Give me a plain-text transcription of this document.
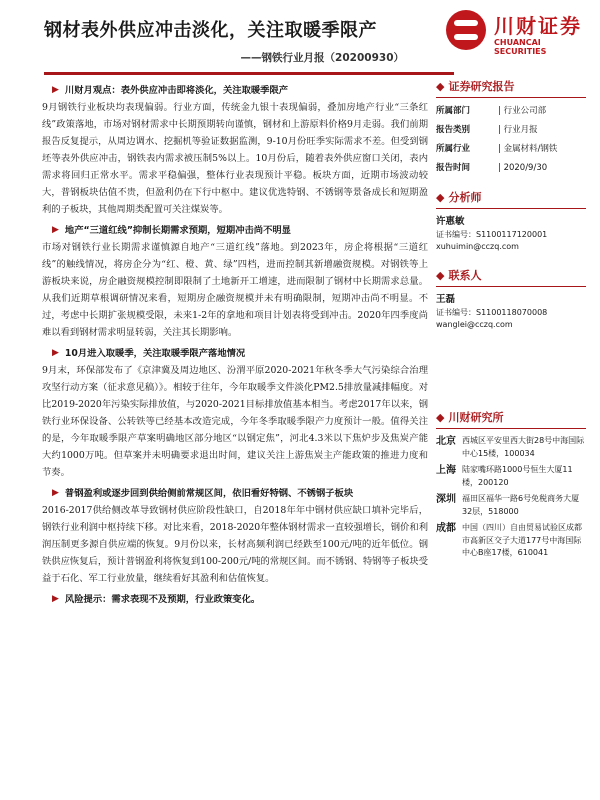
钢材表外供应冲击淡化，关注取暖季限产
——钢铁行业月报（20200930）
川财证券
CHUANCAI SECURITIES
▶ 川财月观点：表外供应冲击即将淡化，关注取暖季限产

9月钢铁行业板块均表现偏弱。行业方面，传统金九银十表现偏弱，叠加房地产行业“三条红线”政策落地，市场对钢材需求中长期预期转向谨慎，钢材和上游原料价格9月走弱。我们前期报告反复提示，从周边调水、挖掘机等验证数据监测，9-10月份旺季实际需求不差。但受到钢坯等表外供应冲击，钢铁表内需求被压制5%以上。10月份后，随着表外供应窗口关闭，表内需求将回归正常水平。需求平稳偏强，整体行业表现预计平稳。板块方面，近期市场波动较大，普钢板块估值不贵，但盈利仍在下行中枢中。建议优选特钢、不锈钢等景备成长和短期盈利的子板块，其他周期类配置可关注煤炭等。

▶ 地产“三道红线”抑制长期需求预期，短期冲击尚不明显

市场对钢铁行业长期需求谨慎源自地产“三道红线”落地。到2023年，房企将根据“三道红线”的触线情况，将房企分为“红、橙、黄、绿”四档，进而控制其新增融资规模。对钢铁等上游板块来说，房企融资规模控制即限制了土地新开工增速，进而限制了钢材中长期需求总量。从我们近期草根调研情况来看，短期房企融资规模并未有明确限制，短期冲击尚不明显。不过，考虑中长期扩张规模受限，未来1-2年的拿地和项目计划表将受到冲击。2020年四季度尚难以看到钢材需求明显转弱，关注其长期影响。

▶ 10月进入取暖季，关注取暖季限产落地情况

9月末，环保部发布了《京津冀及周边地区、汾渭平原2020-2021年秋冬季大气污染综合治理攻坚行动方案（征求意见稿）》。相较于往年，今年取暖季文件淡化PM2.5排放量减排幅度。对比2019-2020年污染实际排放值，与2020-2021目标排放值基本相当。考虑2017年以来，钢铁行业环保设备、公转铁等已经基本改造完成，今年冬季取暖季限产力度预计一般。值得关注的是，今年取暖季限产草案明确地区部分地区“以钢定焦”，河北4.3米以下焦炉步及焦炭产能大约1000万吨。但草案并未明确要求退出时间，建议关注上游焦炭主产能政策的推进力度和节奏。

▶ 普钢盈利或逐步回到供给侧前常规区间，依旧看好特钢、不锈钢子板块

2016-2017供给侧改革导致钢材供应阶段性缺口，自2018年年中钢材供应缺口填补完毕后，钢铁行业利润中枢持续下移。对比来看，2018-2020年整体钢材需求一直较强增长，钢价和利润压制更多源自供应端的恢复。9月份以来，长材高频利润已经跌至100元/吨的近年低位。钢铁供应恢复后，预计普钢盈利将恢复到100-200元/吨的常规区间。而不锈钢、特钢等子板块受益于石化、军工行业放量，继续看好其盈利和估值恢复。

▶ 风险提示：需求表现不及预期，行业政策变化。
◆ 证券研究报告
所属部门	| 行业公司部
报告类别	| 行业月报
所属行业	| 金属材料/钢铁
报告时间	| 2020/9/30
◆ 分析师
许惠敏
证书编号：S1100117120001
xuhuimin@cczq.com
◆ 联系人
王磊
证书编号：S1100118070008
wanglei@cczq.com
◆ 川财研究所
北京 西城区平安里西大街28号中海国际中心15楼，100034
上海 陆家嘴环路1000号恒生大厦11楼，200120
深圳 福田区福华一路6号免税商务大厦32层，518000
成都 中国（四川）自由贸易试验区成都市高新区交子大道177号中海国际中心B座17楼，610041
